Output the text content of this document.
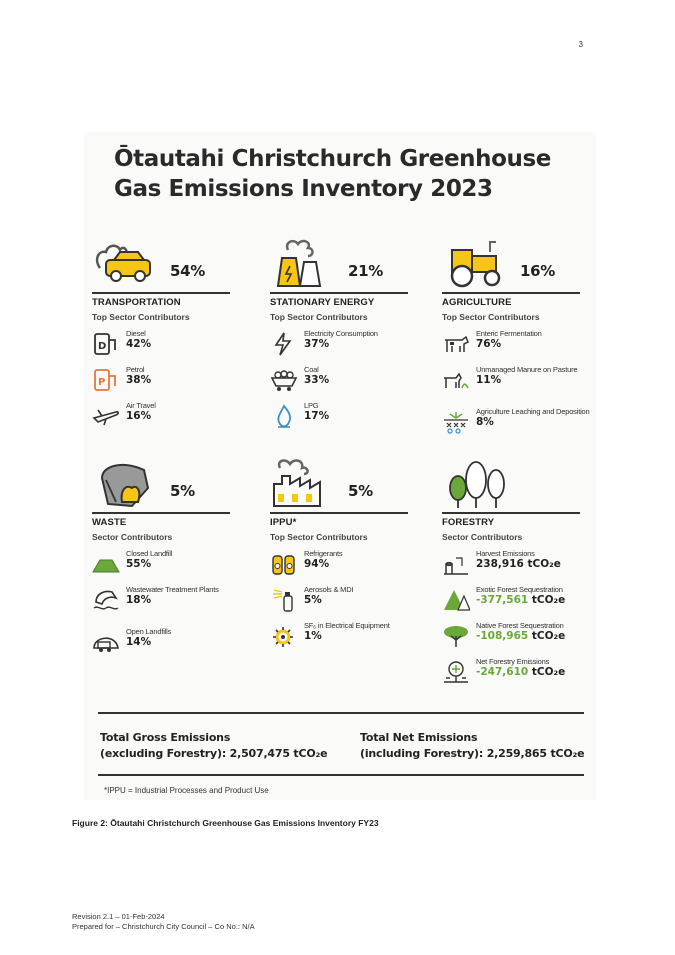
3
Ōtautahi Christchurch Greenhouse
Gas Emissions Inventory 2023
54%
TRANSPORTATION
Top Sector Contributors
D
Diesel
42%
P
Petrol
38%
Air Travel
16%
21%
STATIONARY ENERGY
Top Sector Contributors
Electricity Consumption
37%
Coal
33%
LPG
17%
16%
AGRICULTURE
Top Sector Contributors
Enteric Fermentation
76%
Unmanaged Manure on Pasture
11%
Agriculture Leaching and Deposition
8%
5%
WASTE
Sector Contributors
Closed Landfill
55%
Wastewater Treatment Plants
18%
Open Landfills
14%
5%
IPPU*
Top Sector Contributors
Refrigerants
94%
Aerosols & MDI
5%
SF₆ in Electrical Equipment
1%
FORESTRY
Sector Contributors
Harvest Emissions
238,916 tCO₂e
Exotic Forest Sequestration
-377,561 tCO₂e
Native Forest Sequestration
-108,965 tCO₂e
Net Forestry Emissions
-247,610 tCO₂e
Total Gross Emissions
(excluding Forestry): 2,507,475 tCO₂e
Total Net Emissions
(including Forestry): 2,259,865 tCO₂e
*IPPU = Industrial Processes and Product Use
Figure 2: Ōtautahi Christchurch Greenhouse Gas Emissions Inventory FY23
Revision 2.1 – 01-Feb-2024
Prepared for – Christchurch City Council – Co No.: N/A
